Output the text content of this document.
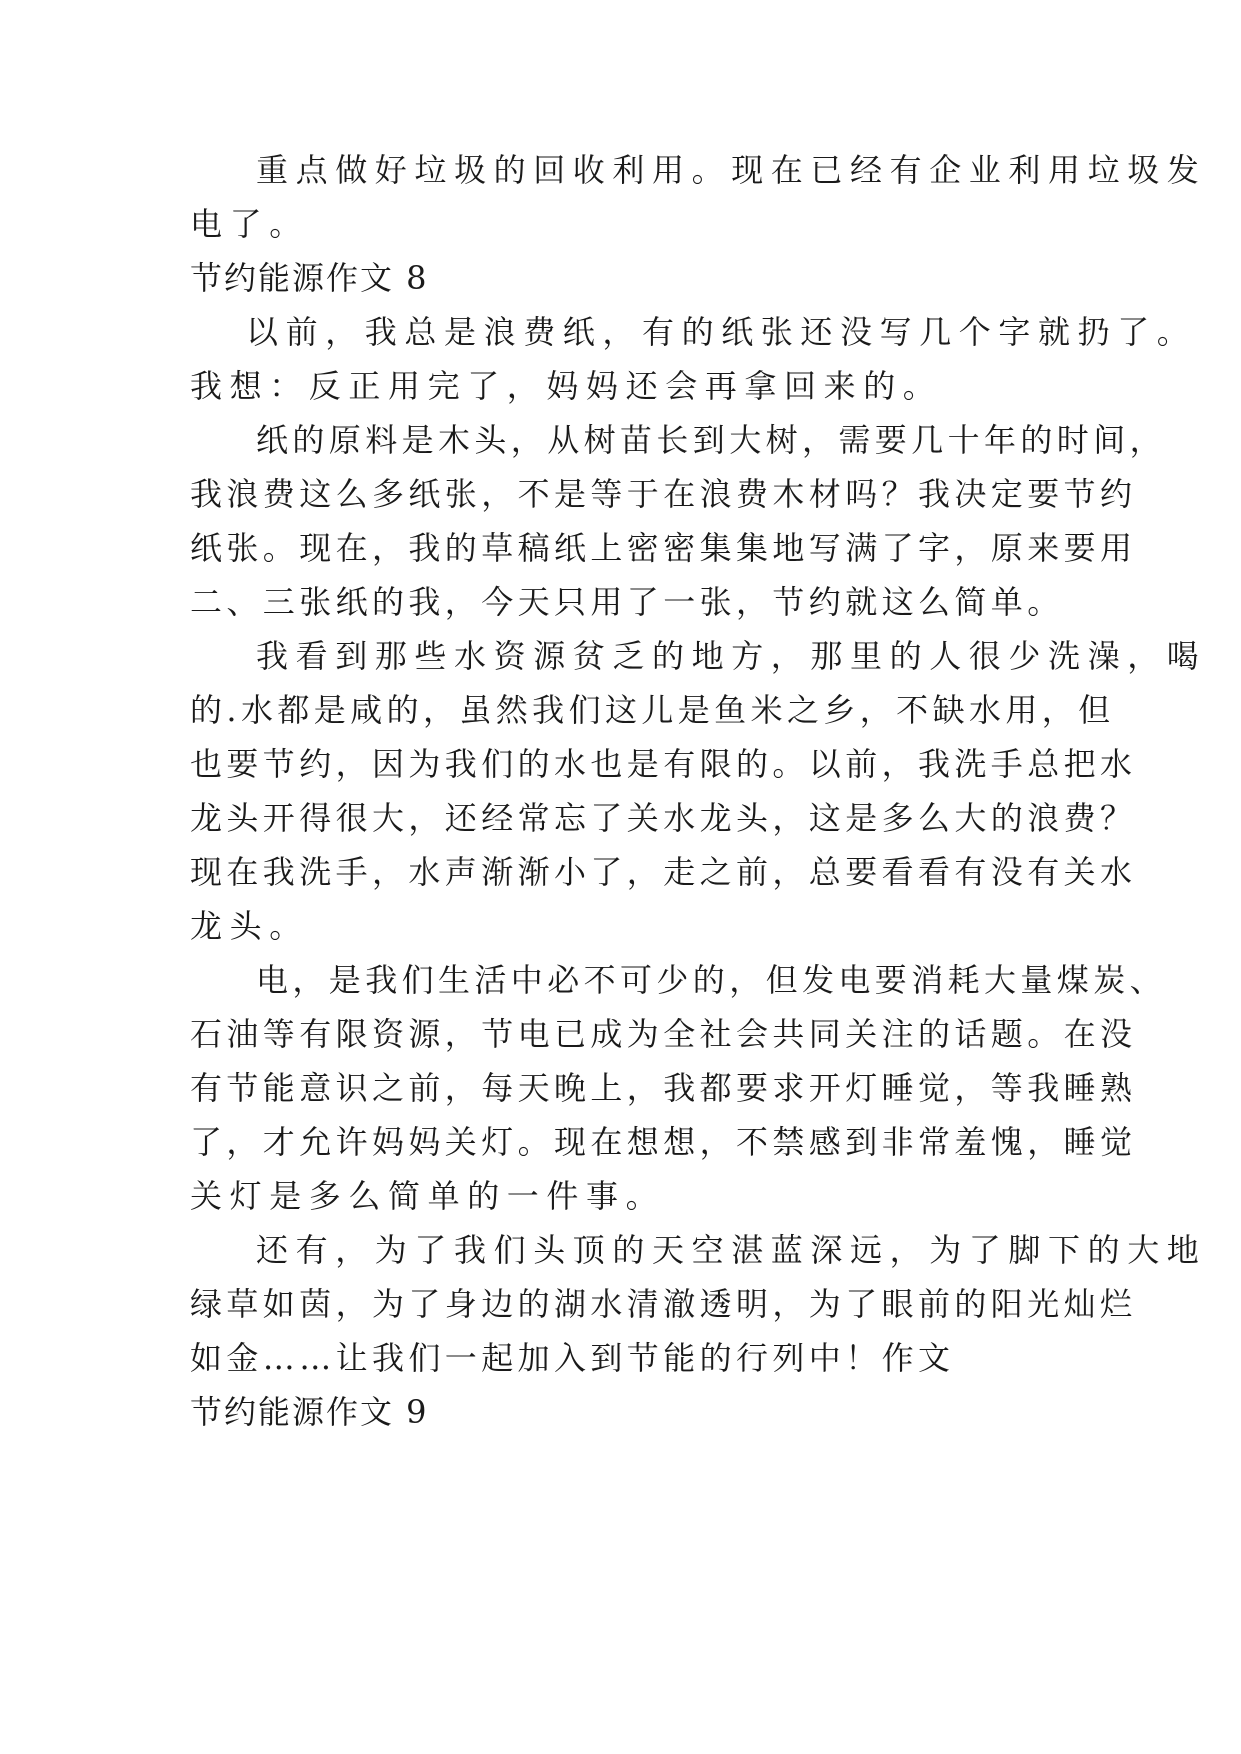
重点做好垃圾的回收利用。现在已经有企业利用垃圾发
电了。
节约能源作文 8
以前，我总是浪费纸，有的纸张还没写几个字就扔了。
我想：反正用完了，妈妈还会再拿回来的。
纸的原料是木头，从树苗长到大树，需要几十年的时间，
我浪费这么多纸张，不是等于在浪费木材吗？我决定要节约
纸张。现在，我的草稿纸上密密集集地写满了字，原来要用
二、三张纸的我，今天只用了一张，节约就这么简单。
我看到那些水资源贫乏的地方，那里的人很少洗澡，喝
的.水都是咸的，虽然我们这儿是鱼米之乡，不缺水用，但
也要节约，因为我们的水也是有限的。以前，我洗手总把水
龙头开得很大，还经常忘了关水龙头，这是多么大的浪费？
现在我洗手，水声渐渐小了，走之前，总要看看有没有关水
龙头。
电，是我们生活中必不可少的，但发电要消耗大量煤炭、
石油等有限资源，节电已成为全社会共同关注的话题。在没
有节能意识之前，每天晚上，我都要求开灯睡觉，等我睡熟
了，才允许妈妈关灯。现在想想，不禁感到非常羞愧，睡觉
关灯是多么简单的一件事。
还有，为了我们头顶的天空湛蓝深远，为了脚下的大地
绿草如茵，为了身边的湖水清澈透明，为了眼前的阳光灿烂
如金……让我们一起加入到节能的行列中！作文
节约能源作文 9
